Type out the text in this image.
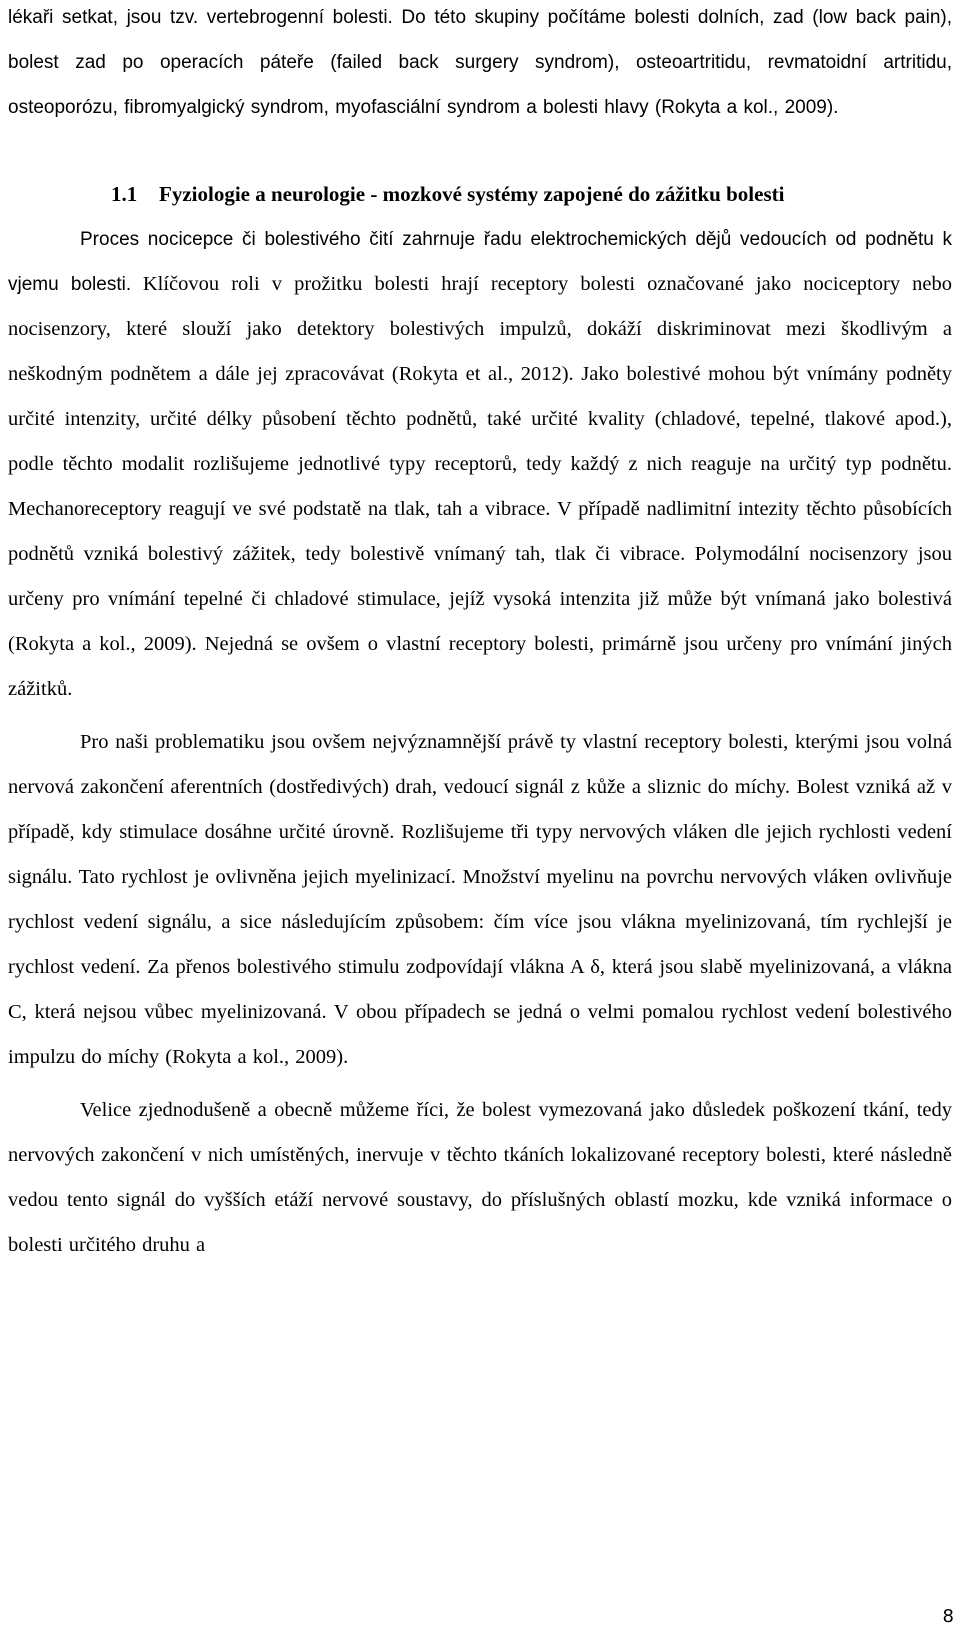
lékaři setkat, jsou tzv. vertebrogenní bolesti. Do této skupiny počítáme bolesti dolních, zad (low back pain), bolest zad po operacích páteře (failed back surgery syndrom), osteoartritidu, revmatoidní artritidu, osteoporózu, fibromyalgický syndrom, myofasciální syndrom a bolesti hlavy (Rokyta a kol., 2009).

1.1	Fyziologie a neurologie - mozkové systémy zapojené do zážitku bolesti

Proces nocicepce či bolestivého čití zahrnuje řadu elektrochemických dějů vedoucích od podnětu k vjemu bolesti. Klíčovou roli v prožitku bolesti hrají receptory bolesti označované jako nociceptory nebo nocisenzory, které slouží jako detektory bolestivých impulzů, dokáží diskriminovat mezi škodlivým a neškodným podnětem a dále jej zpracovávat (Rokyta et al., 2012). Jako bolestivé mohou být vnímány podněty určité intenzity, určité délky působení těchto podnětů, také určité kvality (chladové, tepelné, tlakové apod.), podle těchto modalit rozlišujeme jednotlivé typy receptorů, tedy každý z nich reaguje na určitý typ podnětu. Mechanoreceptory reagují ve své podstatě na tlak, tah a vibrace. V případě nadlimitní intezity těchto působících podnětů vzniká bolestivý zážitek, tedy bolestivě vnímaný tah, tlak či vibrace. Polymodální nocisenzory jsou určeny pro vnímání tepelné či chladové stimulace, jejíž vysoká intenzita již může být vnímaná jako bolestivá (Rokyta a kol., 2009). Nejedná se ovšem o vlastní receptory bolesti, primárně jsou určeny pro vnímání jiných zážitků.

Pro naši problematiku jsou ovšem nejvýznamnější právě ty vlastní receptory bolesti, kterými jsou volná nervová zakončení aferentních (dostředivých) drah, vedoucí signál z kůže a sliznic do míchy. Bolest vzniká až v případě, kdy stimulace dosáhne určité úrovně. Rozlišujeme tři typy nervových vláken dle jejich rychlosti vedení signálu. Tato rychlost je ovlivněna jejich myelinizací. Množství myelinu na povrchu nervových vláken ovlivňuje rychlost vedení signálu, a sice následujícím způsobem: čím více jsou vlákna myelinizovaná, tím rychlejší je rychlost vedení. Za přenos bolestivého stimulu zodpovídají vlákna A δ, která jsou slabě myelinizovaná, a vlákna C, která nejsou vůbec myelinizovaná. V obou případech se jedná o velmi pomalou rychlost vedení bolestivého impulzu do míchy (Rokyta a kol., 2009).

Velice zjednodušeně a obecně můžeme říci, že bolest vymezovaná jako důsledek poškození tkání, tedy nervových zakončení v nich umístěných, inervuje v těchto tkáních lokalizované receptory bolesti, které následně vedou tento signál do vyšších etáží nervové soustavy, do příslušných oblastí mozku, kde vzniká informace o bolesti určitého druhu a

8
